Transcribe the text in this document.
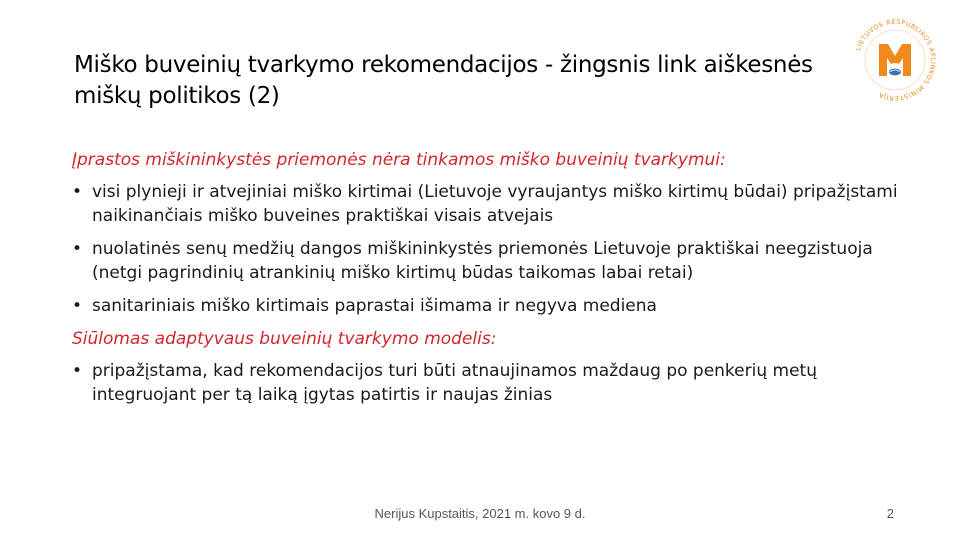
Miško buveinių tvarkymo rekomendacijos - žingsnis link aiškesnės miškų politikos (2)
LIETUVOS RESPUBLIKOS APLINKOS MINISTERIJA

Įprastos miškininkystės priemonės nėra tinkamos miško buveinių tvarkymui:

• visi plynieji ir atvejiniai miško kirtimai (Lietuvoje vyraujantys miško kirtimų būdai) pripažįstami naikinančiais miško buveines praktiškai visais atvejais
• nuolatinės senų medžių dangos miškininkystės priemonės Lietuvoje praktiškai neegzistuoja (netgi pagrindinių atrankinių miško kirtimų būdas taikomas labai retai)
• sanitariniais miško kirtimais paprastai išimama ir negyva mediena

Siūlomas adaptyvaus buveinių tvarkymo modelis:

• pripažįstama, kad rekomendacijos turi būti atnaujinamos maždaug po penkerių metų integruojant per tą laiką įgytas patirtis ir naujas žinias
Nerijus Kupstaitis, 2021 m. kovo 9 d.	2
